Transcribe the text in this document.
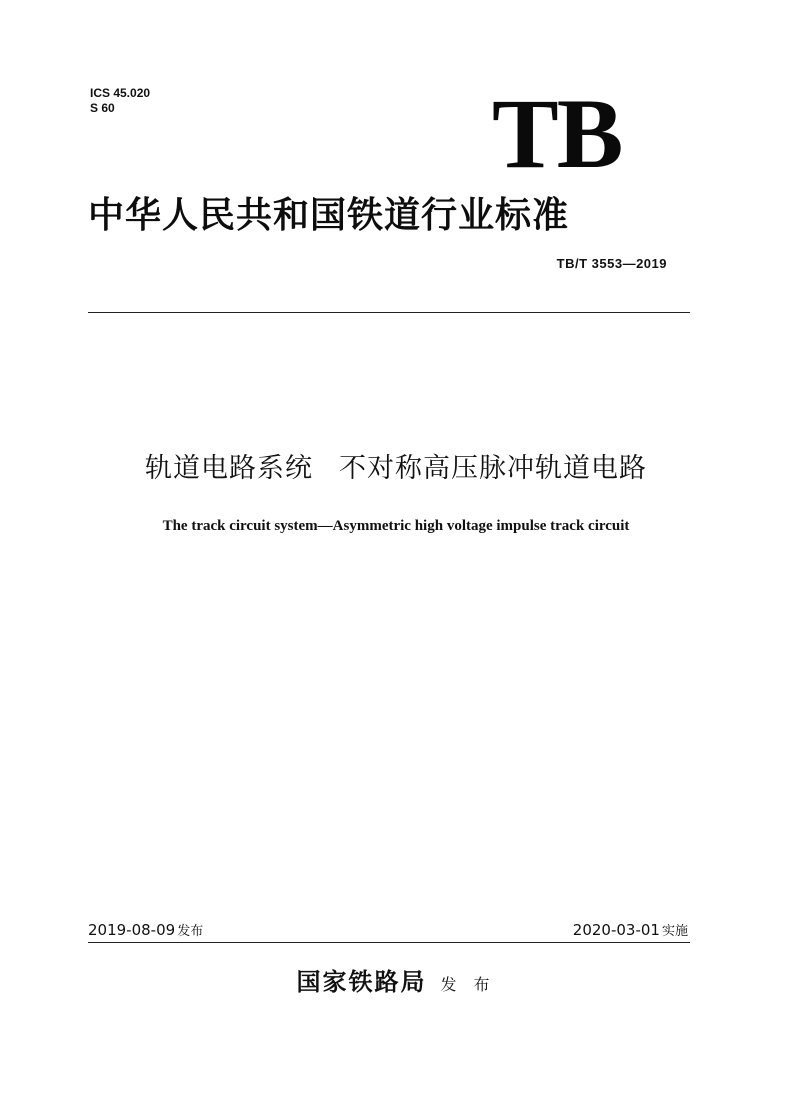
ICS 45.020
S 60	TB
中华人民共和国铁道行业标准
TB/T 3553—2019
轨道电路系统 不对称高压脉冲轨道电路
The track circuit system—Asymmetric high voltage impulse track circuit
2019-08-09 发布	2020-03-01 实施
国家铁路局 发 布
